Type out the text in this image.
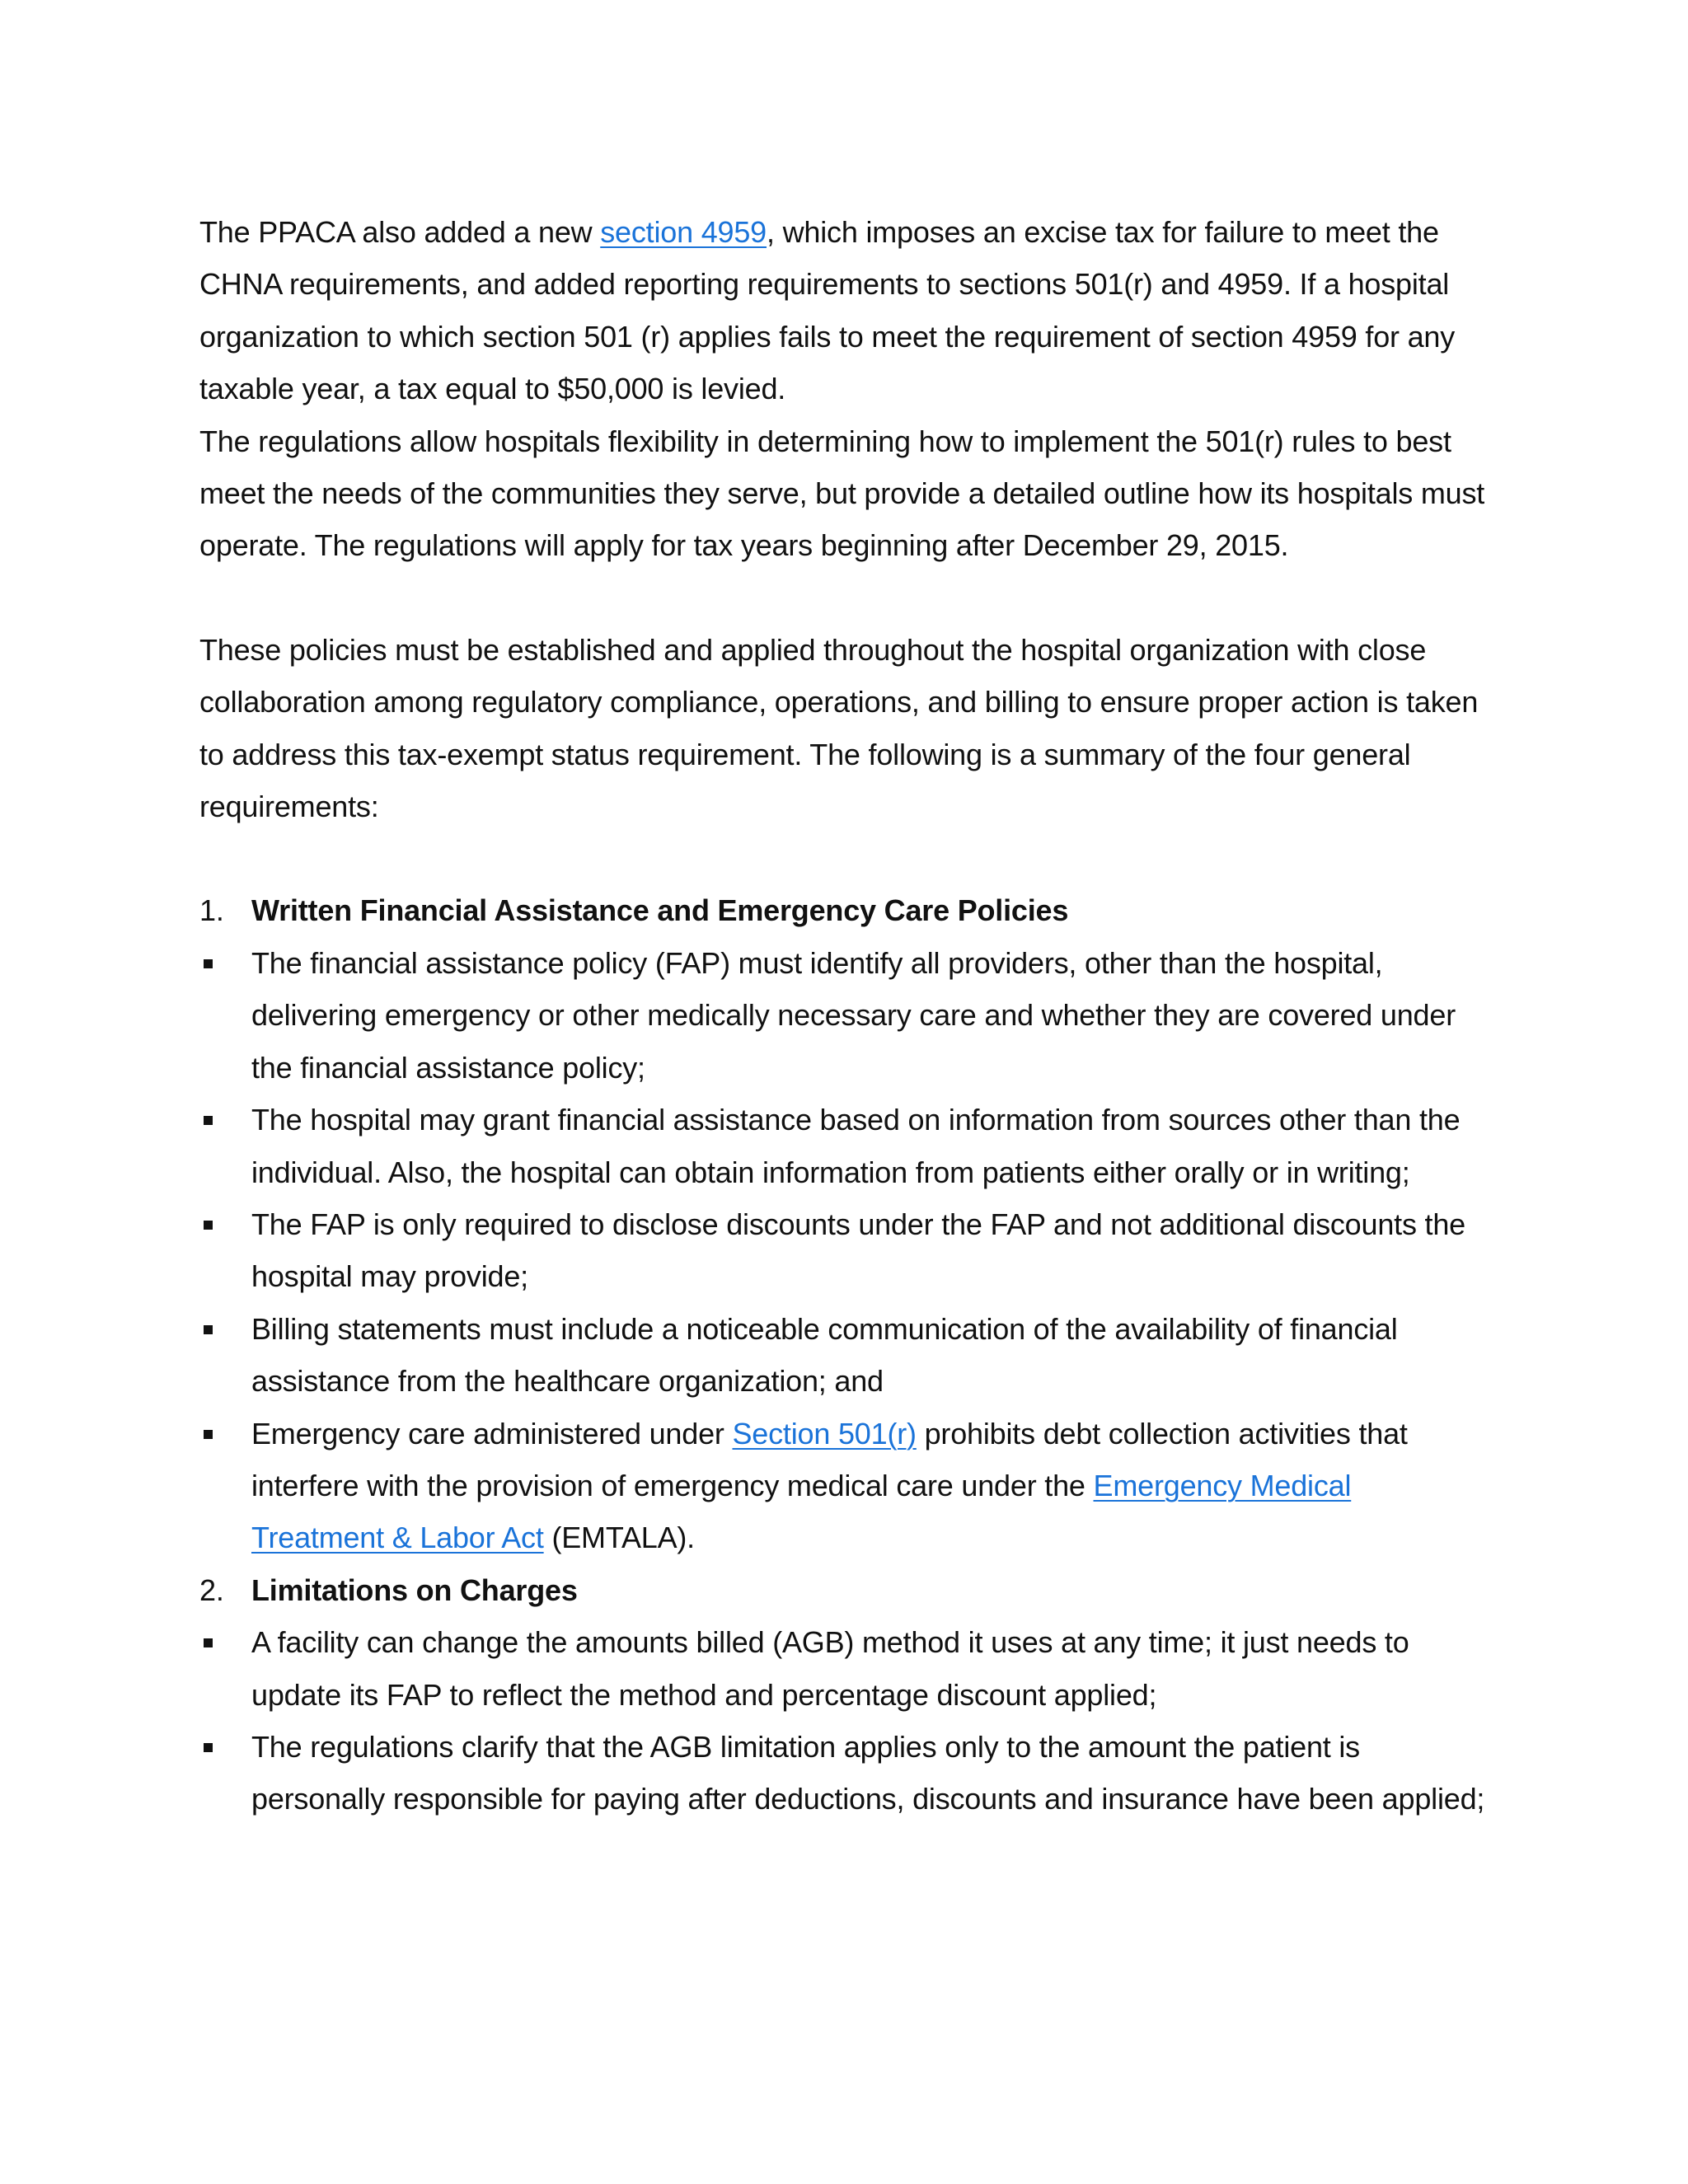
The PPACA also added a new section 4959, which imposes an excise tax for failure to meet the CHNA requirements, and added reporting requirements to sections 501(r) and 4959. If a hospital organization to which section 501 (r) applies fails to meet the requirement of section 4959 for any taxable year, a tax equal to $50,000 is levied.

The regulations allow hospitals flexibility in determining how to implement the 501(r) rules to best meet the needs of the communities they serve, but provide a detailed outline how its hospitals must operate. The regulations will apply for tax years beginning after December 29, 2015.

These policies must be established and applied throughout the hospital organization with close collaboration among regulatory compliance, operations, and billing to ensure proper action is taken to address this tax-exempt status requirement. The following is a summary of the four general requirements:

1. Written Financial Assistance and Emergency Care Policies
The financial assistance policy (FAP) must identify all providers, other than the hospital, delivering emergency or other medically necessary care and whether they are covered under the financial assistance policy;
The hospital may grant financial assistance based on information from sources other than the individual. Also, the hospital can obtain information from patients either orally or in writing;
The FAP is only required to disclose discounts under the FAP and not additional discounts the hospital may provide;
Billing statements must include a noticeable communication of the availability of financial assistance from the healthcare organization; and
Emergency care administered under Section 501(r) prohibits debt collection activities that interfere with the provision of emergency medical care under the Emergency Medical Treatment & Labor Act (EMTALA).
2. Limitations on Charges
A facility can change the amounts billed (AGB) method it uses at any time; it just needs to update its FAP to reflect the method and percentage discount applied;
The regulations clarify that the AGB limitation applies only to the amount the patient is personally responsible for paying after deductions, discounts and insurance have been applied;
